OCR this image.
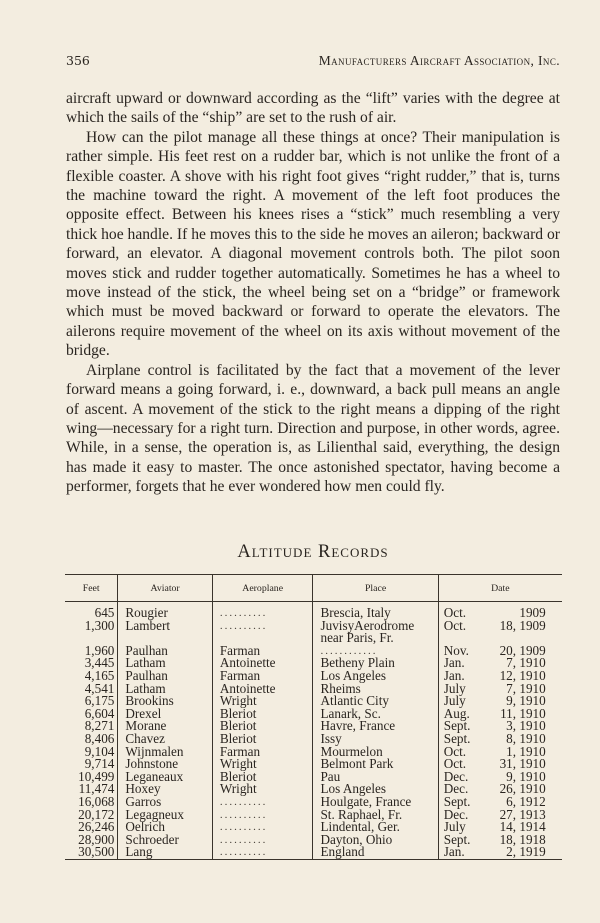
356	Manufacturers Aircraft Association, Inc.

aircraft upward or downward according as the “lift” varies with the degree at which the sails of the “ship” are set to the rush of air.

How can the pilot manage all these things at once? Their manipulation is rather simple. His feet rest on a rudder bar, which is not unlike the front of a flexible coaster. A shove with his right foot gives “right rudder,” that is, turns the machine toward the right. A movement of the left foot produces the opposite effect. Between his knees rises a “stick” much resembling a very thick hoe handle. If he moves this to the side he moves an aileron; backward or forward, an elevator. A diagonal movement controls both. The pilot soon moves stick and rudder together automatically. Sometimes he has a wheel to move instead of the stick, the wheel being set on a “bridge” or framework which must be moved backward or forward to operate the elevators. The ailerons require movement of the wheel on its axis without movement of the bridge.

Airplane control is facilitated by the fact that a movement of the lever forward means a going forward, i. e., downward, a back pull means an angle of ascent. A movement of the stick to the right means a dipping of the right wing—necessary for a right turn. Direction and purpose, in other words, agree. While, in a sense, the operation is, as Lilienthal said, everything, the design has made it easy to master. The once astonished spectator, having become a performer, forgets that he ever wondered how men could fly.

Altitude Records
Feet	Aviator	Aeroplane	Place	Date
645	Rougier	..........	Brescia, Italy	Oct. 1909
1,300	Lambert	..........	JuvisyAerodrome	Oct. 18, 1909
			near Paris, Fr.	
1,960	Paulhan	Farman	............	Nov. 20, 1909
3,445	Latham	Antoinette	Betheny Plain	Jan. 7, 1910
4,165	Paulhan	Farman	Los Angeles	Jan. 12, 1910
4,541	Latham	Antoinette	Rheims	July 7, 1910
6,175	Brookins	Wright	Atlantic City	July 9, 1910
6,604	Drexel	Bleriot	Lanark, Sc.	Aug. 11, 1910
8,271	Morane	Bleriot	Havre, France	Sept. 3, 1910
8,406	Chavez	Bleriot	Issy	Sept. 8, 1910
9,104	Wijnmalen	Farman	Mourmelon	Oct. 1, 1910
9,714	Johnstone	Wright	Belmont Park	Oct. 31, 1910
10,499	Leganeaux	Bleriot	Pau	Dec. 9, 1910
11,474	Hoxey	Wright	Los Angeles	Dec. 26, 1910
16,068	Garros	..........	Houlgate, France	Sept. 6, 1912
20,172	Legagneux	..........	St. Raphael, Fr.	Dec. 27, 1913
26,246	Oelrich	..........	Lindental, Ger.	July 14, 1914
28,900	Schroeder	..........	Dayton, Ohio	Sept. 18, 1918
30,500	Lang	..........	England	Jan. 2, 1919
